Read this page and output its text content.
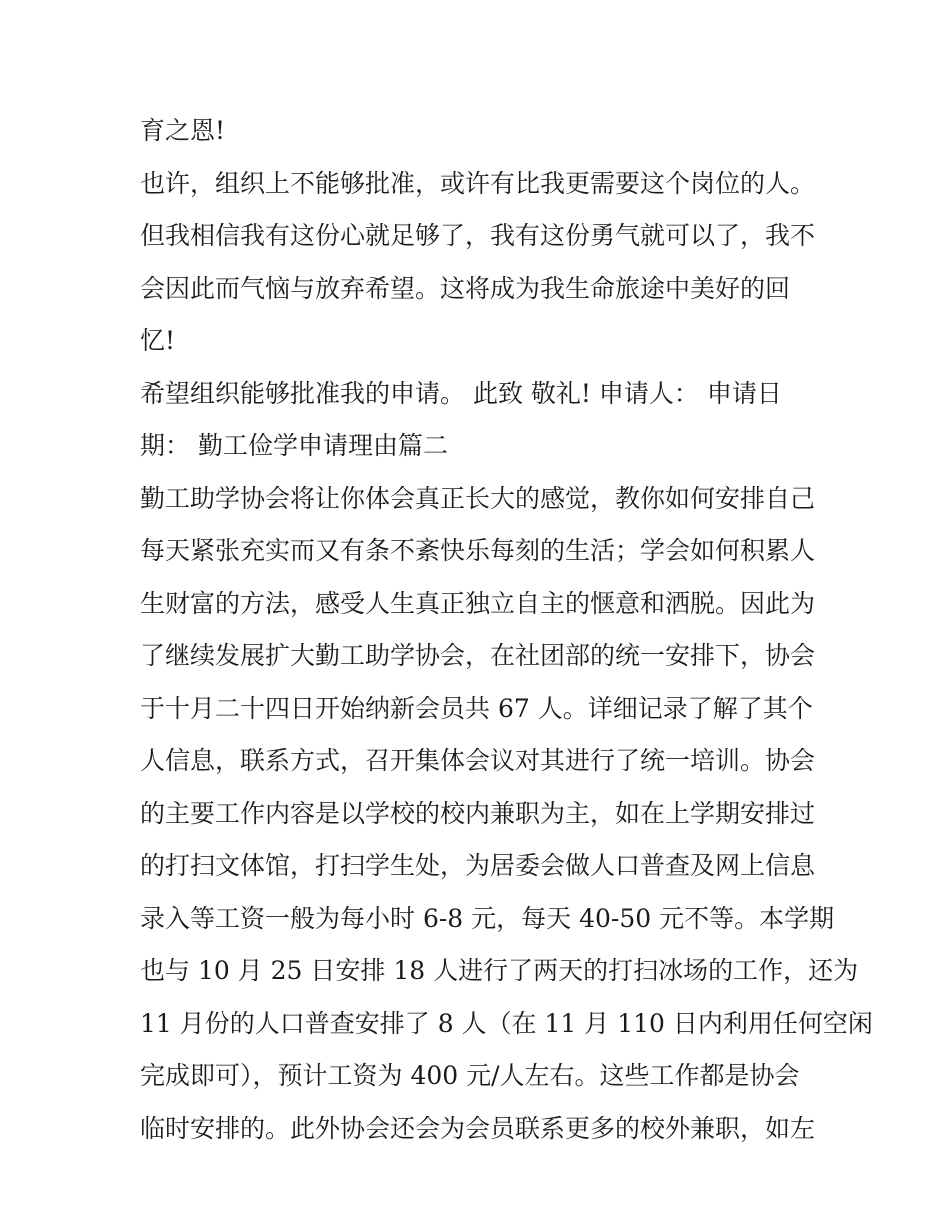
育之恩!
也许，组织上不能够批准，或许有比我更需要这个岗位的人。
但我相信我有这份心就足够了，我有这份勇气就可以了，我不
会因此而气恼与放弃希望。这将成为我生命旅途中美好的回
忆!
希望组织能够批准我的申请。 此致 敬礼! 申请人： 申请日
期： 勤工俭学申请理由篇二
勤工助学协会将让你体会真正长大的感觉，教你如何安排自己
每天紧张充实而又有条不紊快乐每刻的生活；学会如何积累人
生财富的方法，感受人生真正独立自主的惬意和洒脱。因此为
了继续发展扩大勤工助学协会，在社团部的统一安排下，协会
于十月二十四日开始纳新会员共 67 人。详细记录了解了其个
人信息，联系方式，召开集体会议对其进行了统一培训。协会
的主要工作内容是以学校的校内兼职为主，如在上学期安排过
的打扫文体馆，打扫学生处，为居委会做人口普查及网上信息
录入等工资一般为每小时 6-8 元，每天 40-50 元不等。本学期
也与 10 月 25 日安排 18 人进行了两天的打扫冰场的工作，还为
11 月份的人口普查安排了 8 人（在 11 月 110 日内利用任何空闲
完成即可），预计工资为 400 元/人左右。这些工作都是协会
临时安排的。此外协会还会为会员联系更多的校外兼职，如左
